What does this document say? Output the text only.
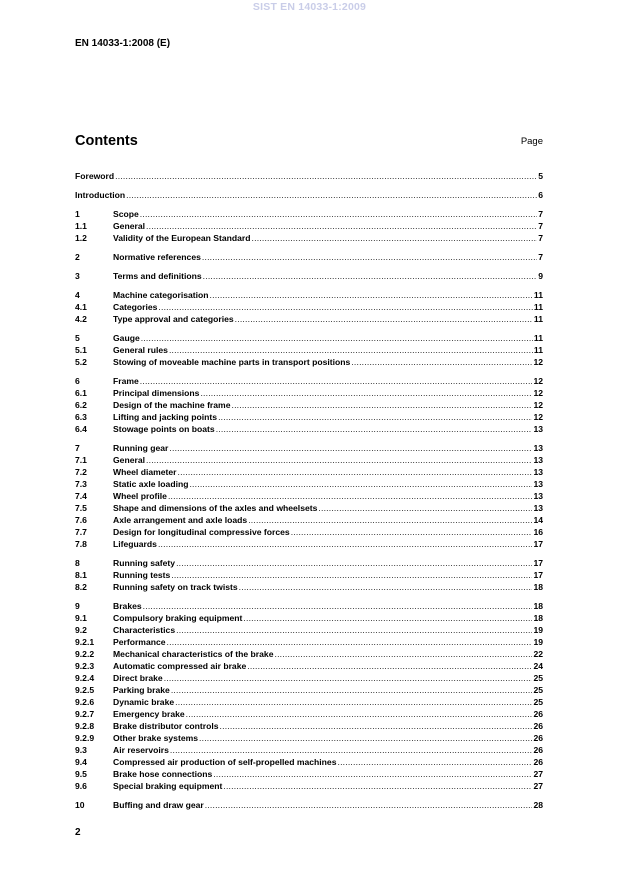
SIST EN 14033-1:2009
EN 14033-1:2008 (E)
Contents	Page
Foreword .....	5
Introduction .....	6
1	Scope .....	7
1.1	General .....	7
1.2	Validity of the European Standard .....	7
2	Normative references .....	7
3	Terms and definitions .....	9
4	Machine categorisation .....	11
4.1	Categories .....	11
4.2	Type approval and categories .....	11
5	Gauge .....	11
5.1	General rules .....	11
5.2	Stowing of moveable machine parts in transport positions .....	12
6	Frame .....	12
6.1	Principal dimensions .....	12
6.2	Design of the machine frame .....	12
6.3	Lifting and jacking points .....	12
6.4	Stowage points on boats .....	13
7	Running gear .....	13
7.1	General .....	13
7.2	Wheel diameter .....	13
7.3	Static axle loading .....	13
7.4	Wheel profile .....	13
7.5	Shape and dimensions of the axles and wheelsets .....	13
7.6	Axle arrangement and axle loads .....	14
7.7	Design for longitudinal compressive forces .....	16
7.8	Lifeguards .....	17
8	Running safety .....	17
8.1	Running tests .....	17
8.2	Running safety on track twists .....	18
9	Brakes .....	18
9.1	Compulsory braking equipment .....	18
9.2	Characteristics .....	19
9.2.1	Performance .....	19
9.2.2	Mechanical characteristics of the brake .....	22
9.2.3	Automatic compressed air brake .....	24
9.2.4	Direct brake .....	25
9.2.5	Parking brake .....	25
9.2.6	Dynamic brake .....	25
9.2.7	Emergency brake .....	26
9.2.8	Brake distributor controls .....	26
9.2.9	Other brake systems .....	26
9.3	Air reservoirs .....	26
9.4	Compressed air production of self-propelled machines .....	26
9.5	Brake hose connections .....	27
9.6	Special braking equipment .....	27
10	Buffing and draw gear .....	28
2
